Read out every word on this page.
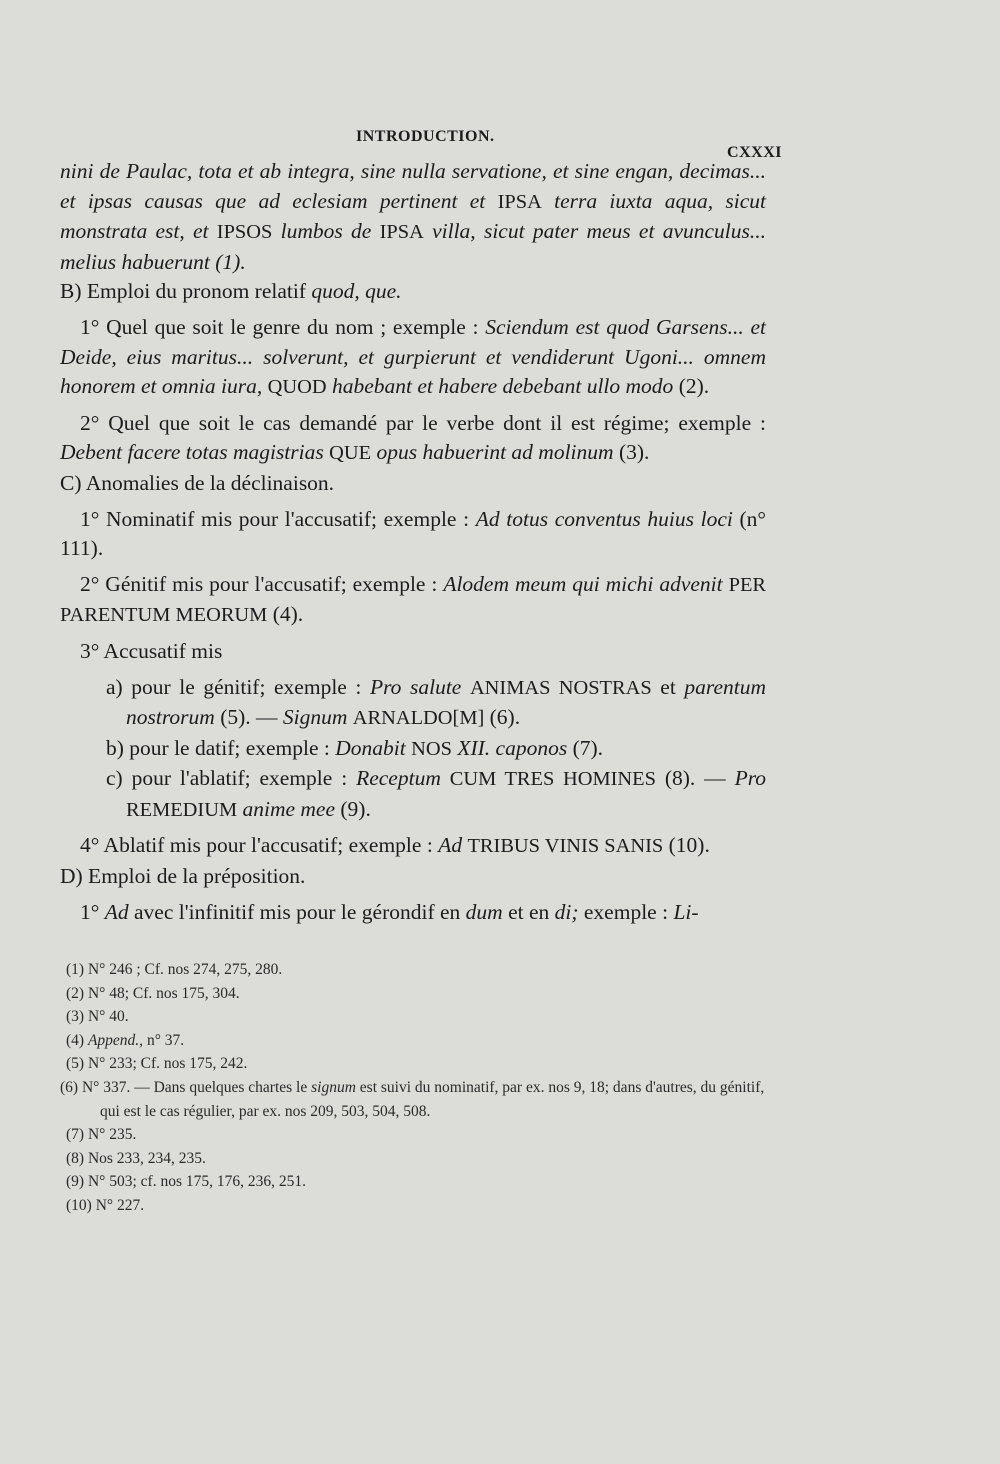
INTRODUCTION.
CXXXI

nini de Paulac, tota et ab integra, sine nulla servatione, et sine engan, decimas... et ipsas causas que ad eclesiam pertinent et IPSA terra iuxta aqua, sicut monstrata est, et IPSOS lumbos de IPSA villa, sicut pater meus et avunculus... melius habuerunt (1).

B) Emploi du pronom relatif quod, que.

1° Quel que soit le genre du nom ; exemple : Sciendum est quod Garsens... et Deide, eius maritus... solverunt, et gurpierunt et vendiderunt Ugoni... omnem honorem et omnia iura, QUOD habebant et habere debebant ullo modo (2).

2° Quel que soit le cas demandé par le verbe dont il est régime; exemple : Debent facere totas magistrias QUE opus habuerint ad molinum (3).

C) Anomalies de la déclinaison.

1° Nominatif mis pour l'accusatif; exemple : Ad totus conventus huius loci (n° 111).

2° Génitif mis pour l'accusatif; exemple : Alodem meum qui michi advenit PER PARENTUM MEORUM (4).

3° Accusatif mis

a) pour le génitif; exemple : Pro salute ANIMAS NOSTRAS et parentum nostrorum (5). — Signum ARNALDO[M] (6).

b) pour le datif; exemple : Donabit NOS XII. caponos (7).

c) pour l'ablatif; exemple : Receptum CUM TRES HOMINES (8). — Pro REMEDIUM anime mee (9).

4° Ablatif mis pour l'accusatif; exemple : Ad TRIBUS VINIS SANIS (10).

D) Emploi de la préposition.

1° Ad avec l'infinitif mis pour le gérondif en dum et en di; exemple : Li-

(1) N° 246 ; Cf. nos 274, 275, 280.

(2) N° 48; Cf. nos 175, 304.

(3) N° 40.

(4) Append., n° 37.

(5) N° 233; Cf. nos 175, 242.

(6) N° 337. — Dans quelques chartes le signum est suivi du nominatif, par ex. nos 9, 18; dans d'autres, du génitif, qui est le cas régulier, par ex. nos 209, 503, 504, 508.

(7) N° 235.

(8) Nos 233, 234, 235.

(9) N° 503; cf. nos 175, 176, 236, 251.

(10) N° 227.
